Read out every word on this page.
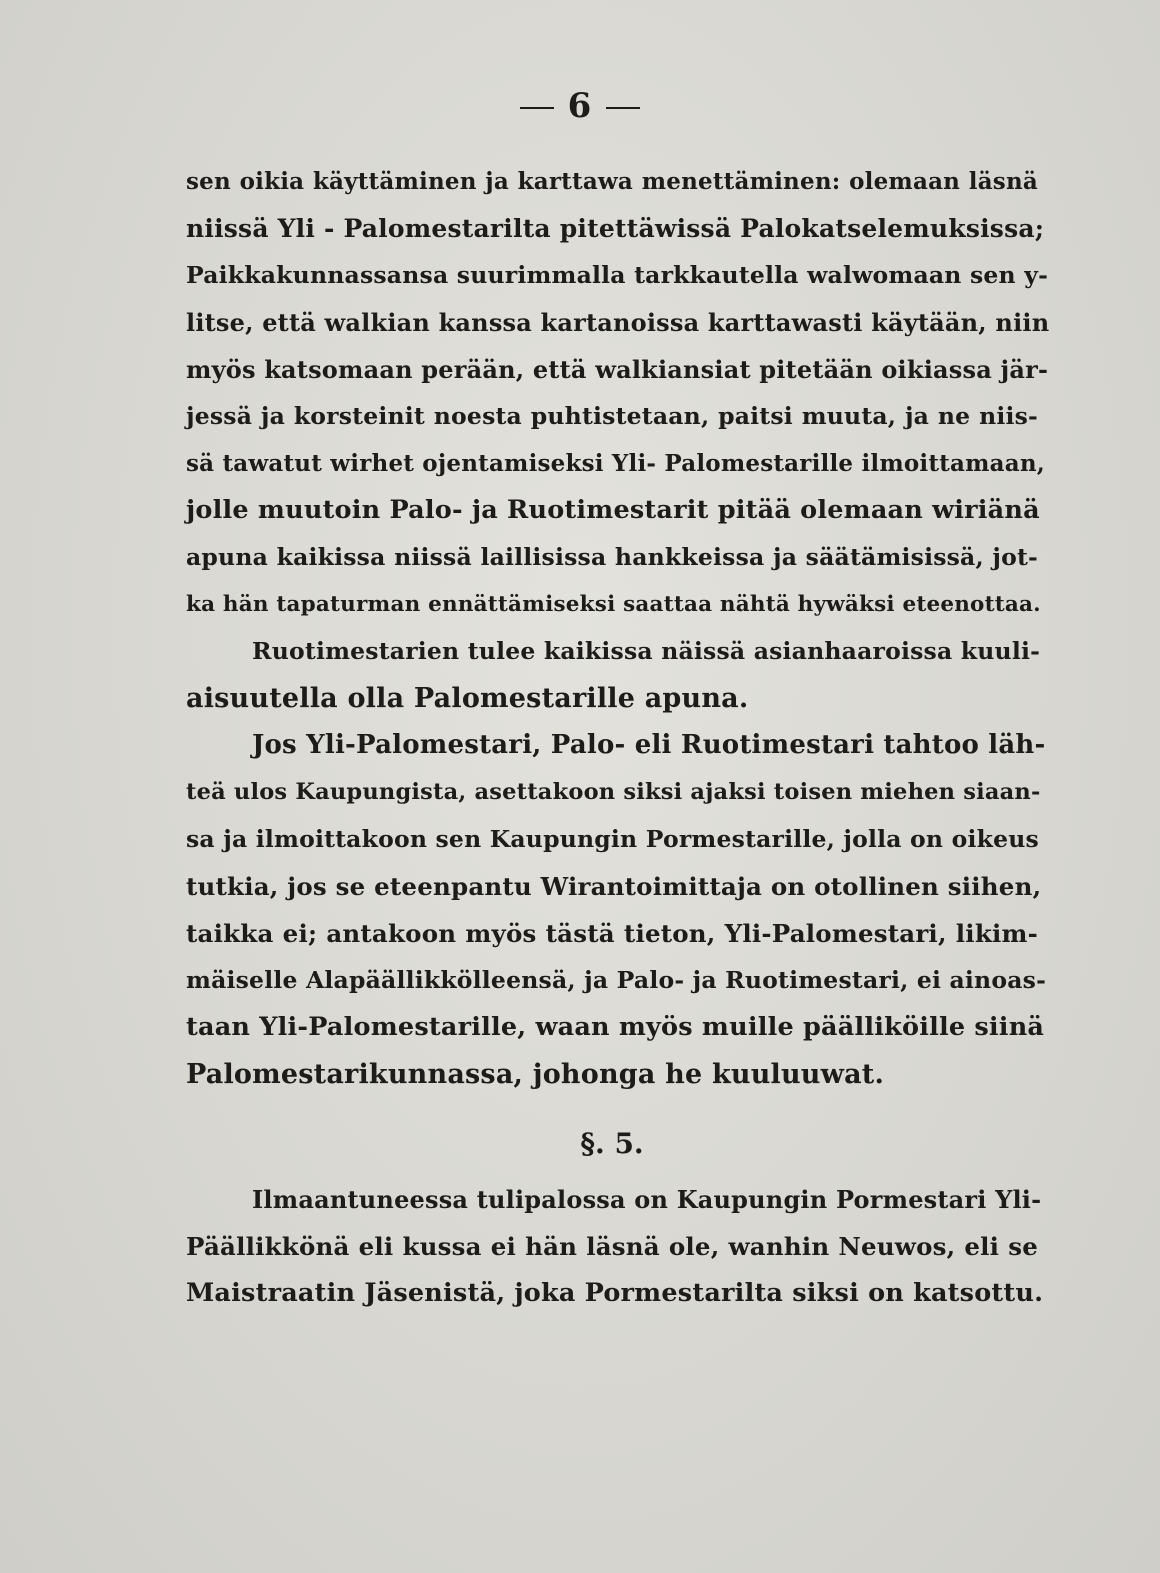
6
sen oikia käyttäminen ja karttawa menettäminen: olemaan läsnä
niissä Yli - Palomestarilta pitettäwissä Palokatselemuksissa;
Paikkakunnassansa suurimmalla tarkkautella walwomaan sen y-
litse, että walkian kanssa kartanoissa karttawasti käytään, niin
myös katsomaan perään, että walkiansiat pitetään oikiassa jär-
jessä ja korsteinit noesta puhtistetaan, paitsi muuta, ja ne niis-
sä tawatut wirhet ojentamiseksi Yli- Palomestarille ilmoittamaan,
jolle muutoin Palo- ja Ruotimestarit pitää olemaan wiriänä
apuna kaikissa niissä laillisissa hankkeissa ja säätämisissä, jot-
ka hän tapaturman ennättämiseksi saattaa nähtä hywäksi eteenottaa.
Ruotimestarien tulee kaikissa näissä asianhaaroissa kuuli-
aisuutella olla Palomestarille apuna.
Jos Yli-Palomestari, Palo- eli Ruotimestari tahtoo läh-
teä ulos Kaupungista, asettakoon siksi ajaksi toisen miehen siaan-
sa ja ilmoittakoon sen Kaupungin Pormestarille, jolla on oikeus
tutkia, jos se eteenpantu Wirantoimittaja on otollinen siihen,
taikka ei; antakoon myös tästä tieton, Yli-Palomestari, likim-
mäiselle Alapäällikkölleensä, ja Palo- ja Ruotimestari, ei ainoas-
taan Yli-Palomestarille, waan myös muille päälliköille siinä
Palomestarikunnassa, johonga he kuuluuwat.
§. 5.
Ilmaantuneessa tulipalossa on Kaupungin Pormestari Yli-
Päällikkönä eli kussa ei hän läsnä ole, wanhin Neuwos, eli se
Maistraatin Jäsenistä, joka Pormestarilta siksi on katsottu.
